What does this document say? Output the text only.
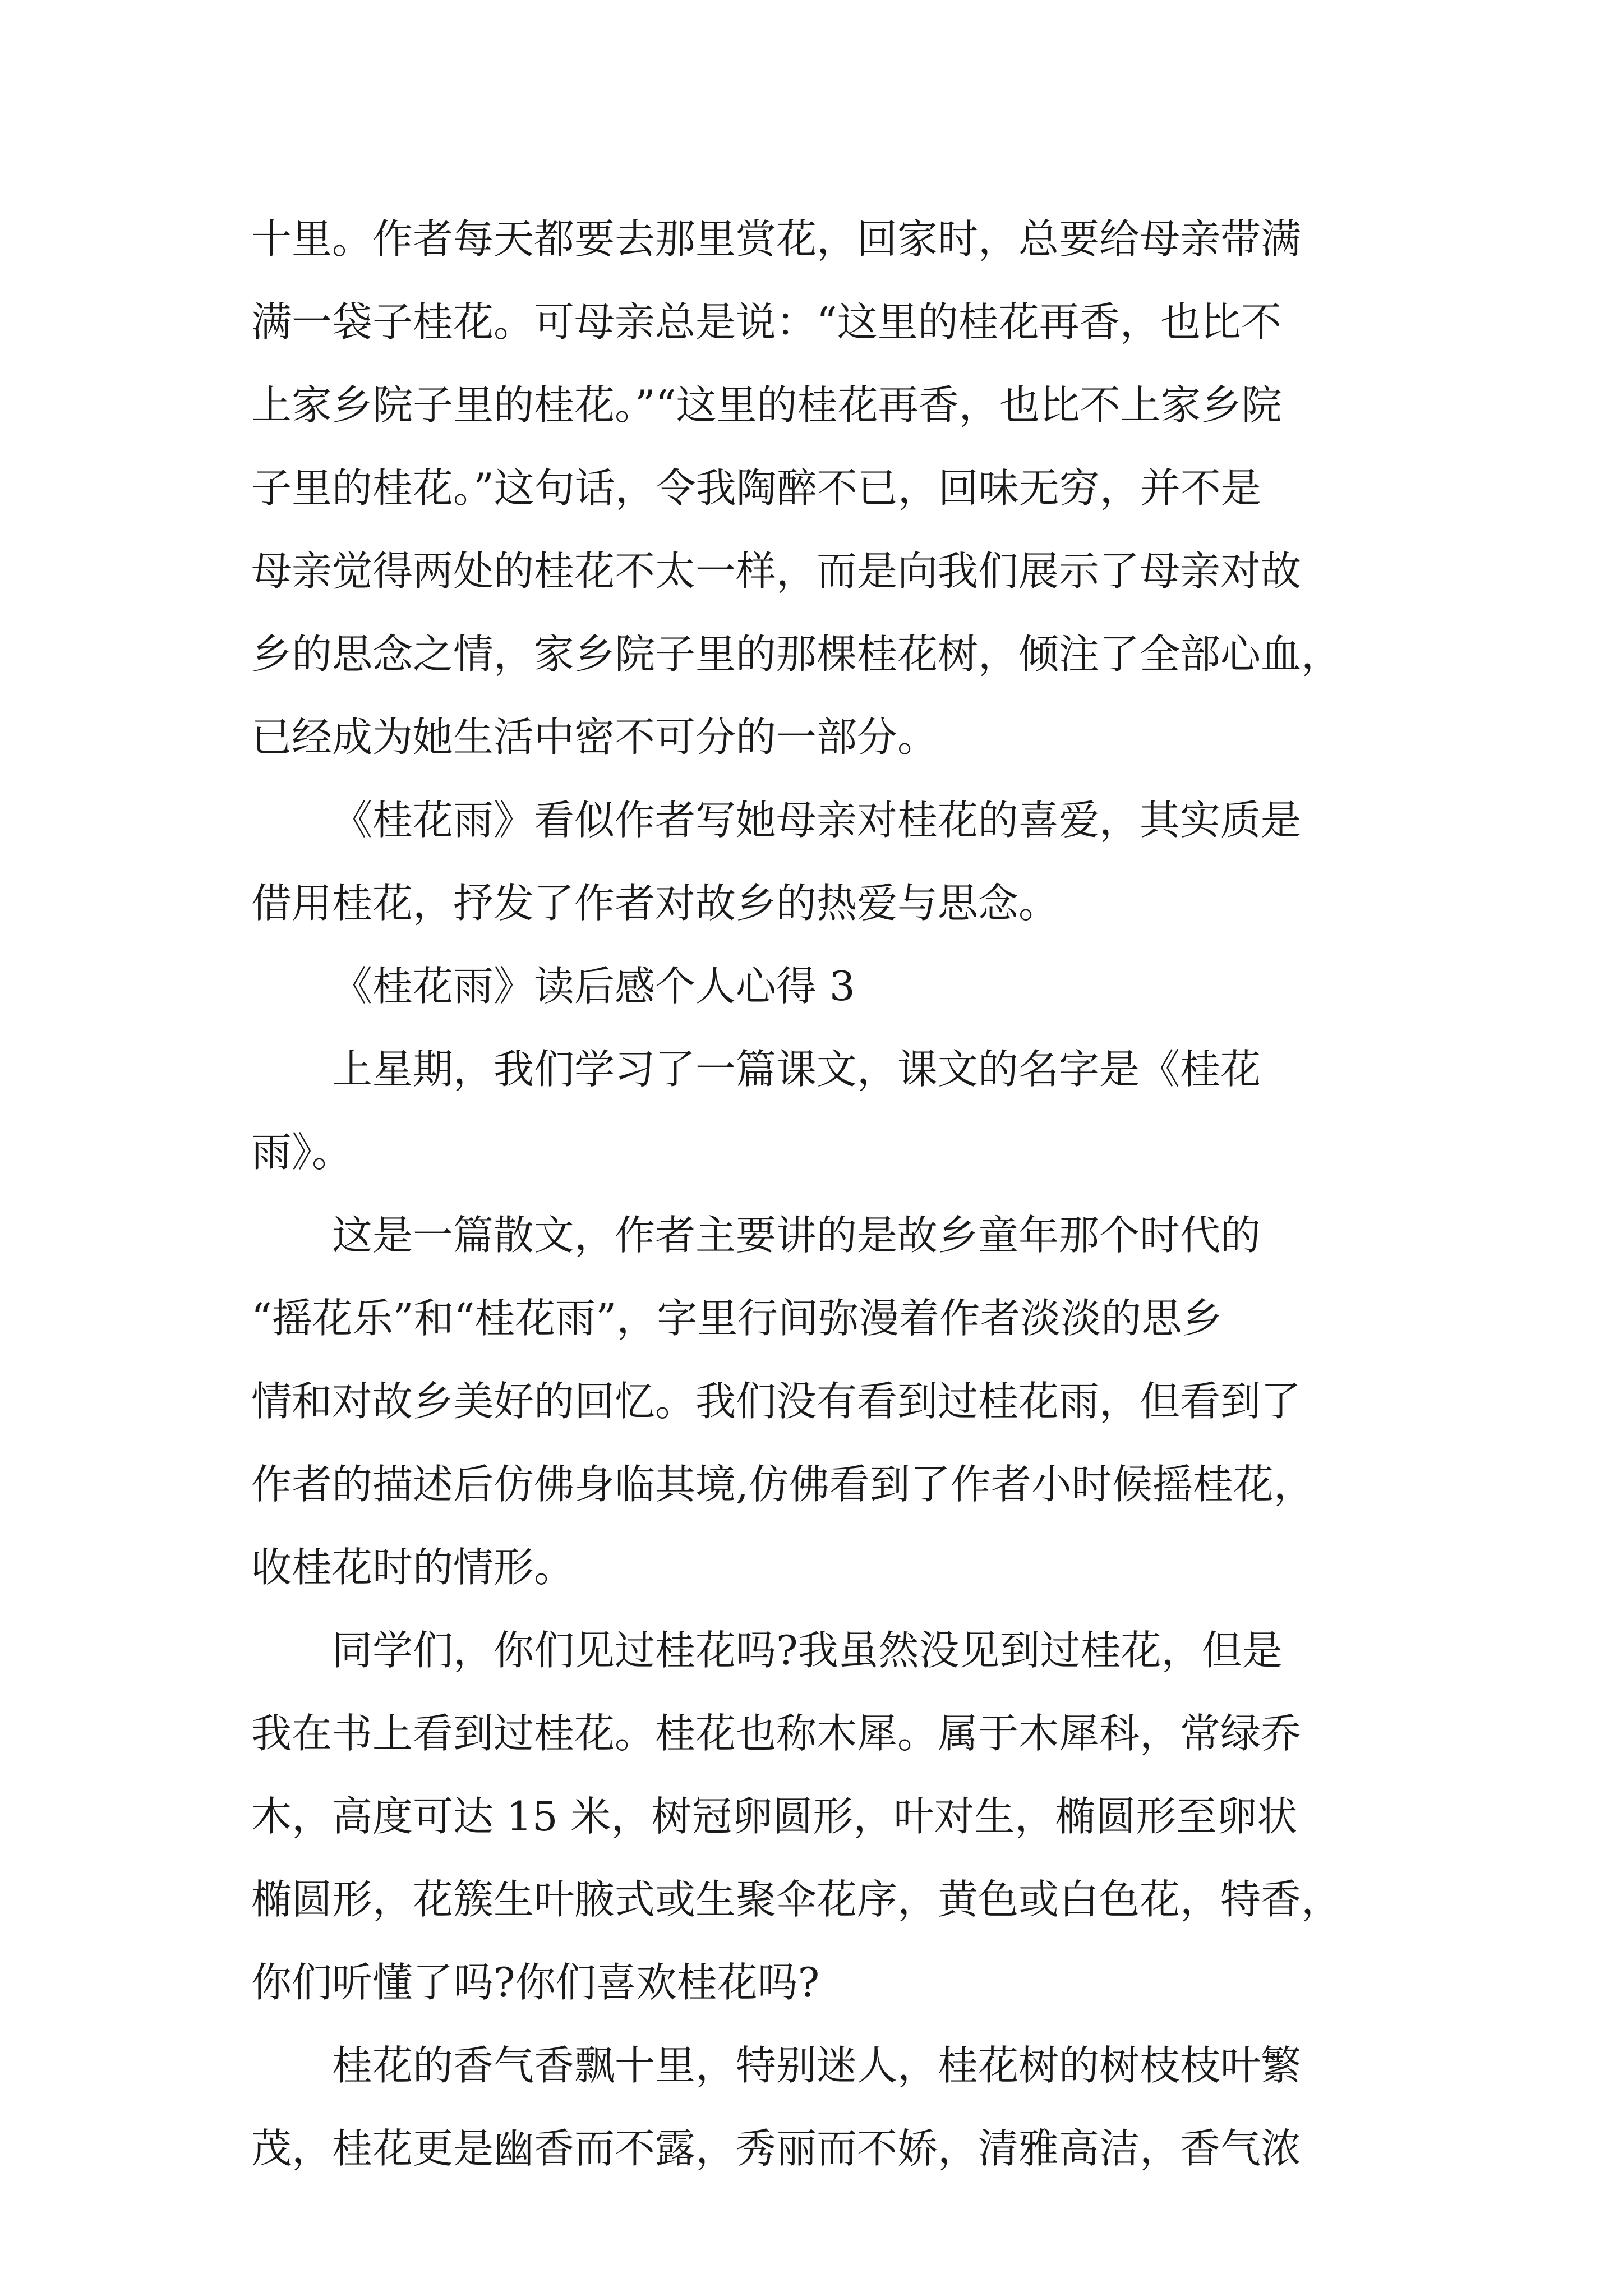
十里。作者每天都要去那里赏花，回家时，总要给母亲带满
满一袋子桂花。可母亲总是说：“这里的桂花再香，也比不
上家乡院子里的桂花。”“这里的桂花再香，也比不上家乡院
子里的桂花。”这句话，令我陶醉不已，回味无穷，并不是
母亲觉得两处的桂花不太一样，而是向我们展示了母亲对故
乡的思念之情，家乡院子里的那棵桂花树，倾注了全部心血，
已经成为她生活中密不可分的一部分。
《桂花雨》看似作者写她母亲对桂花的喜爱，其实质是
借用桂花，抒发了作者对故乡的热爱与思念。
《桂花雨》读后感个人心得 3
上星期，我们学习了一篇课文，课文的名字是《桂花
雨》。
这是一篇散文，作者主要讲的是故乡童年那个时代的
“摇花乐”和“桂花雨”，字里行间弥漫着作者淡淡的思乡
情和对故乡美好的回忆。我们没有看到过桂花雨，但看到了
作者的描述后仿佛身临其境,仿佛看到了作者小时候摇桂花，
收桂花时的情形。
同学们，你们见过桂花吗?我虽然没见到过桂花，但是
我在书上看到过桂花。桂花也称木犀。属于木犀科，常绿乔
木，高度可达 15 米，树冠卵圆形，叶对生，椭圆形至卵状
椭圆形，花簇生叶腋式或生聚伞花序，黄色或白色花，特香，
你们听懂了吗?你们喜欢桂花吗?
桂花的香气香飘十里，特别迷人，桂花树的树枝枝叶繁
茂，桂花更是幽香而不露，秀丽而不娇，清雅高洁，香气浓
